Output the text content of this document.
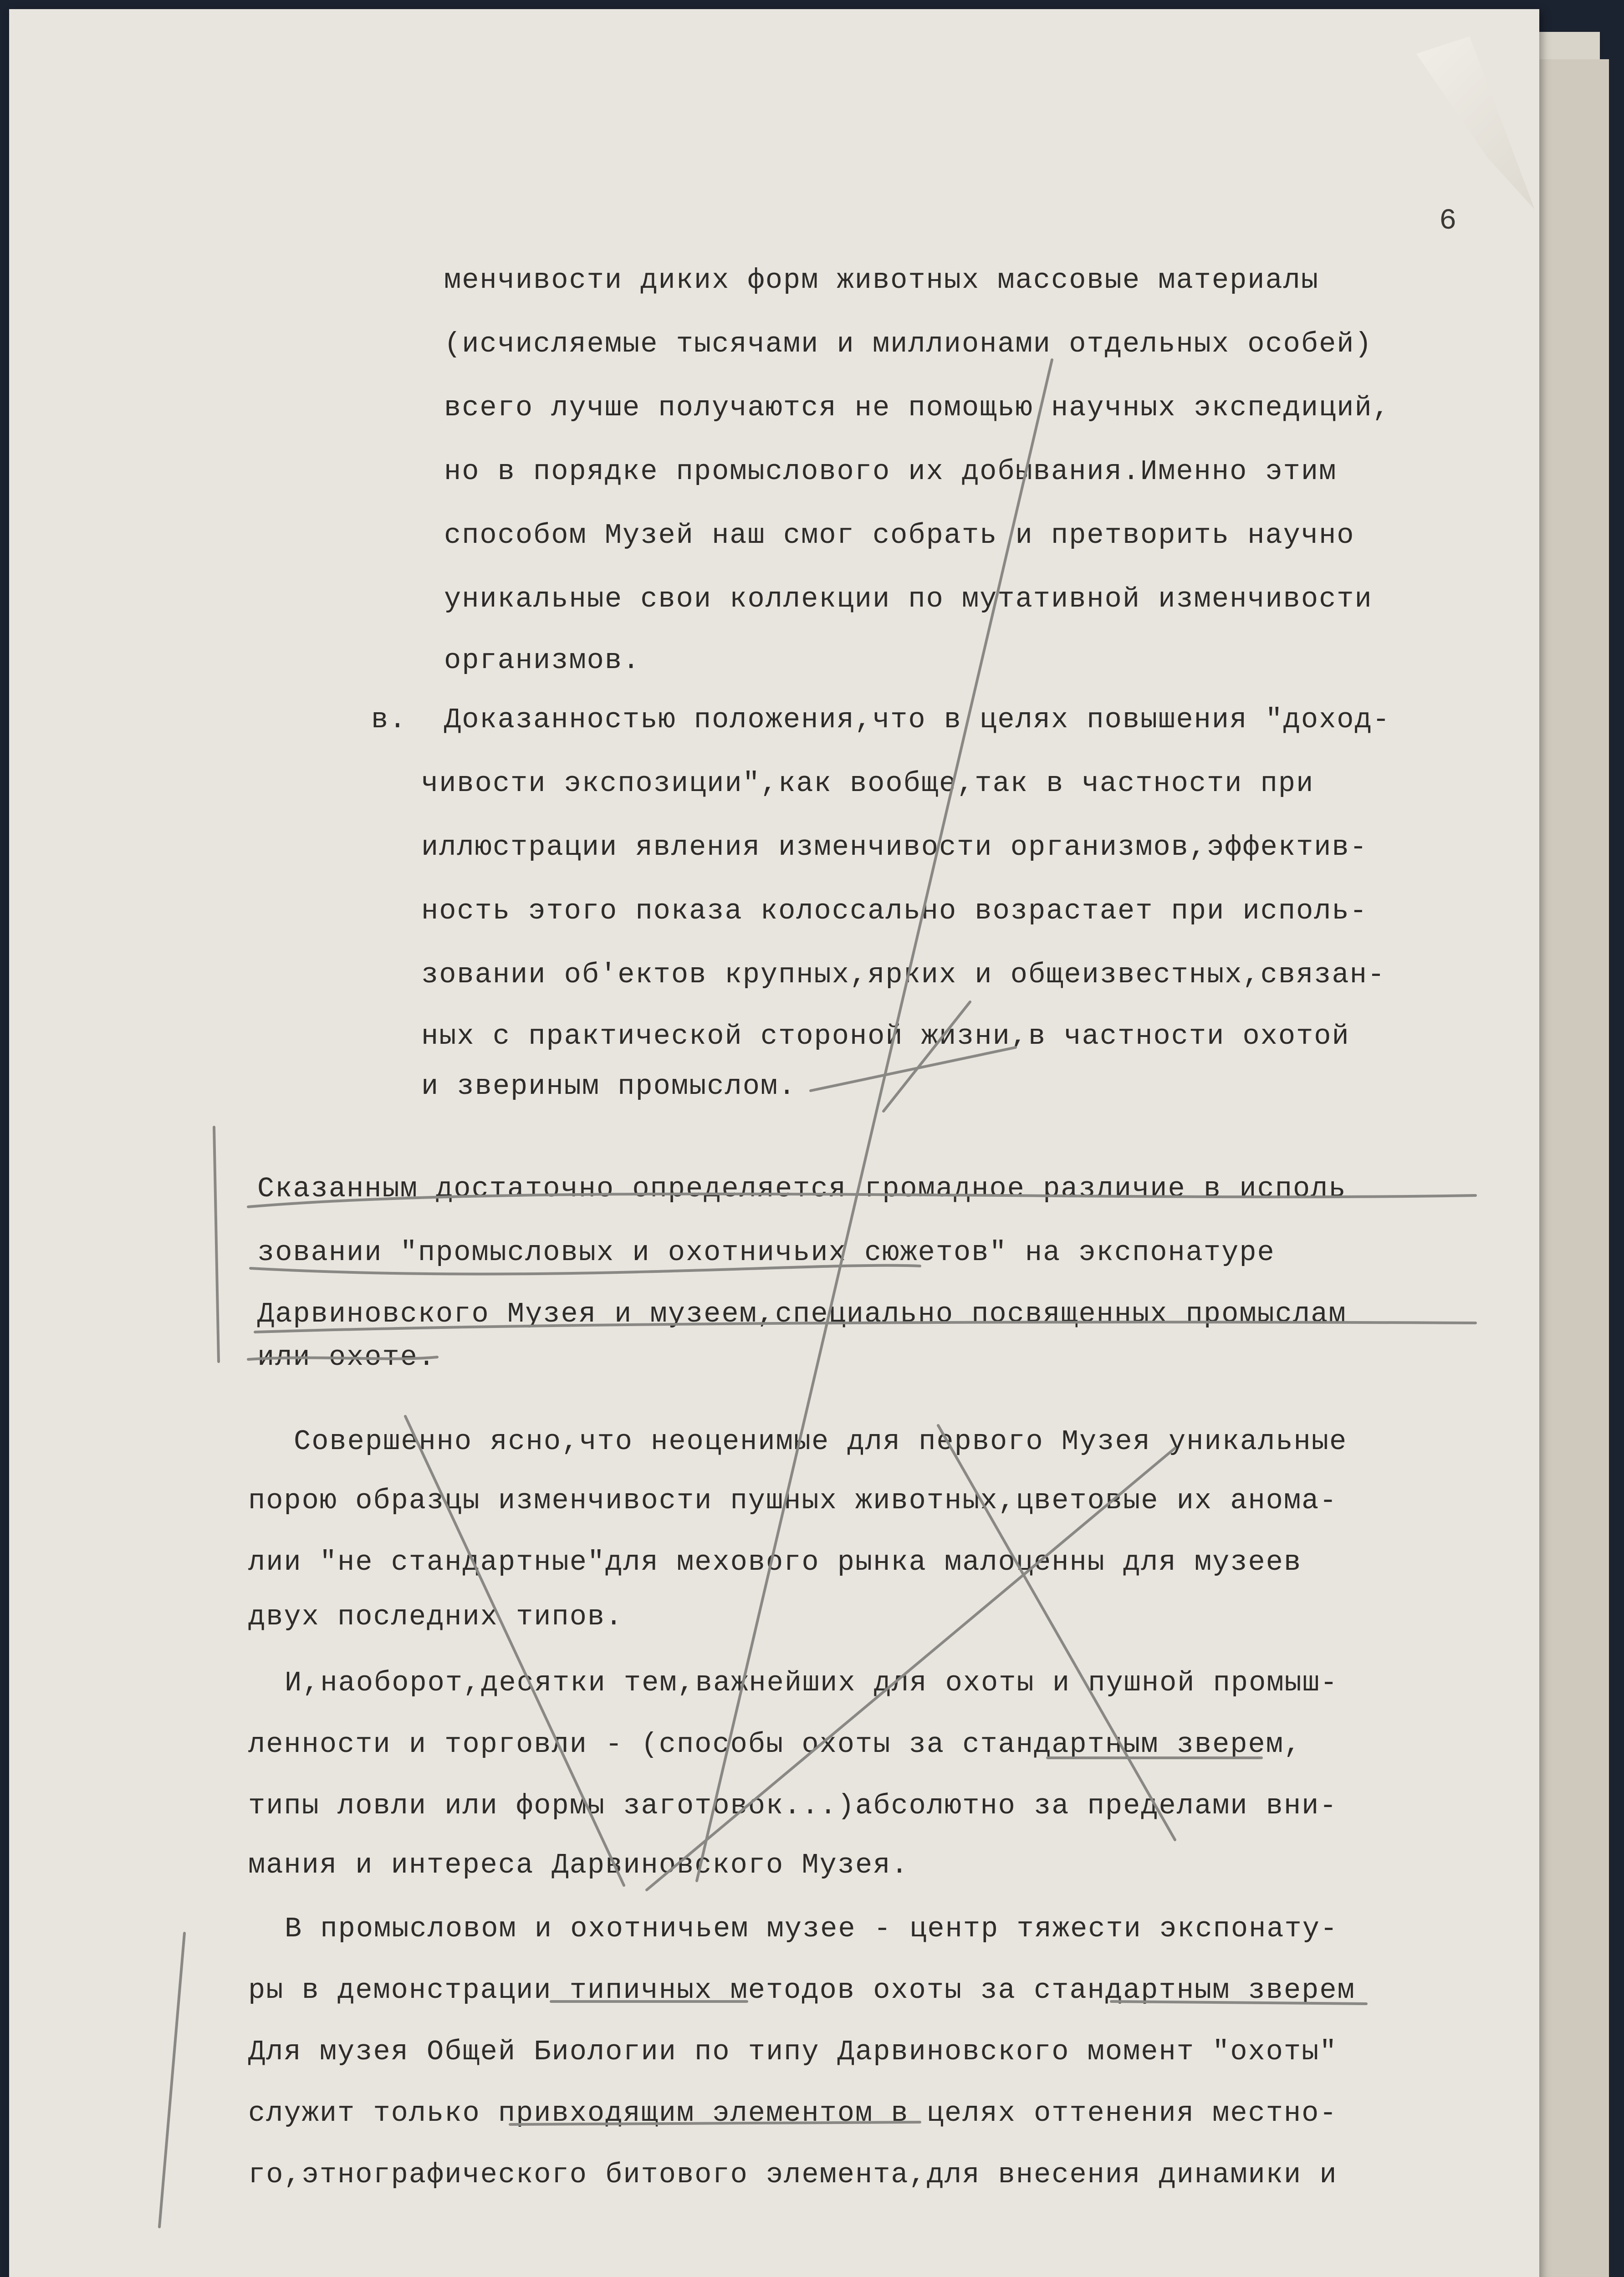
6
менчивости диких форм животных массовые материалы
(исчисляемые тысячами и миллионами отдельных особей)
всего лучше получаются не помощью научных экспедиций,
но в порядке промыслового их добывания.Именно этим
способом Музей наш смог собрать и претворить научно
уникальные свои коллекции по мутативной изменчивости
организмов.
в. Доказанностью положения,что в целях повышения "доход-
чивости экспозиции",как вообще,так в частности при
иллюстрации явления изменчивости организмов,эффектив-
ность этого показа колоссально возрастает при исполь-
зовании об'ектов крупных,ярких и общеизвестных,связан-
ных с практической стороной жизни,в частности охотой
и звериным промыслом.
Сказанным достаточно определяется громадное различие в исполь
зовании "промысловых и охотничьих сюжетов" на экспонатуре
Дарвиновского Музея и музеем,специально посвященных промыслам
или охоте.
Совершенно ясно,что неоценимые для первого Музея уникальные
порою образцы изменчивости пушных животных,цветовые их анома-
лии "не стандартные"для мехового рынка малоценны для музеев
двух последних типов.
И,наоборот,десятки тем,важнейших для охоты и пушной промыш-
ленности и торговли - (способы охоты за стандартным зверем,
типы ловли или формы заготовок...)абсолютно за пределами вни-
мания и интереса Дарвиновского Музея.
В промысловом и охотничьем музее - центр тяжести экспонату-
ры в демонстрации типичных методов охоты за стандартным зверем
Для музея Общей Биологии по типу Дарвиновского момент "охоты"
служит только привходящим элементом в целях оттенения местно-
го,этнографического битового элемента,для внесения динамики и
